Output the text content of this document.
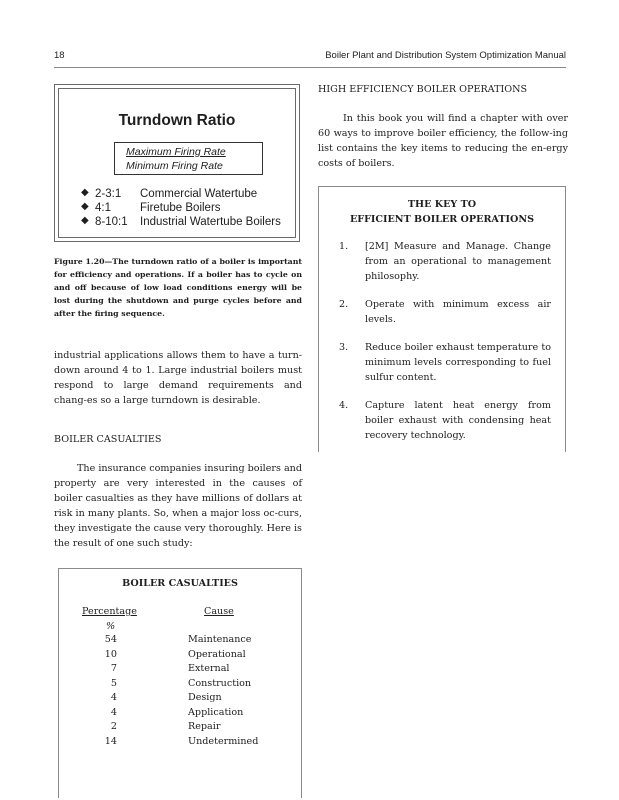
18	Boiler Plant and Distribution System Optimization Manual
Turndown Ratio
Maximum Firing Rate
Minimum Firing Rate
◆ 2-3:1 Commercial Watertube
◆ 4:1	Firetube Boilers
◆ 8-10:1 Industrial Watertube Boilers
Figure 1.20—The turndown ratio of a boiler is important for efficiency and operations. If a boiler has to cycle on and off because of low load conditions energy will be lost during the shutdown and purge cycles before and after the firing sequence.
industrial applications allows them to have a turn-down around 4 to 1. Large industrial boilers must respond to large demand requirements and chang-es so a large turndown is desirable.
BOILER CASUALTIES
The insurance companies insuring boilers and property are very interested in the causes of boiler casualties as they have millions of dollars at risk in many plants. So, when a major loss oc-curs, they investigate the cause very thoroughly. Here is the result of one such study:
BOILER CASUALTIES
Percentage	Cause
%
54	Maintenance
10	Operational
7	External
5	Construction
4	Design
4	Application
2	Repair
14	Undetermined
HIGH EFFICIENCY BOILER OPERATIONS
In this book you will find a chapter with over 60 ways to improve boiler efficiency, the follow-ing list contains the key items to reducing the en-ergy costs of boilers.
THE KEY TO
EFFICIENT BOILER OPERATIONS
1. [2M] Measure and Manage. Change from an operational to management philosophy.
2. Operate with minimum excess air levels.
3. Reduce boiler exhaust temperature to minimum levels corresponding to fuel sulfur content.
4. Capture latent heat energy from boiler exhaust with condensing heat recovery technology.
